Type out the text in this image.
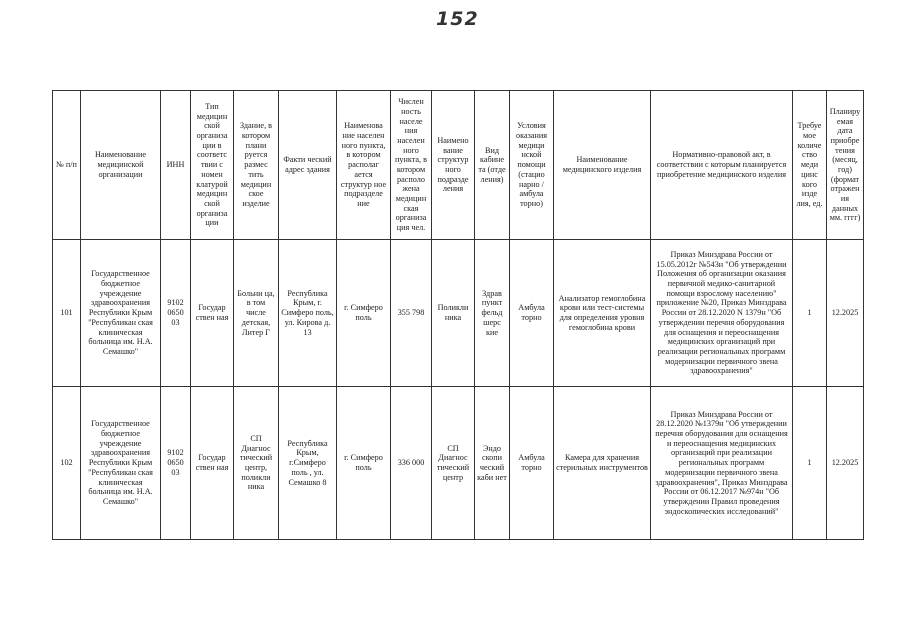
152
№ п/п	Наименование медицинской организации	ИНН	Тип медицин ской организа ции в соответс твии с номен клатурой медицин ской организа ции	Здание, в котором плани руется размес тить медицин ское изделие	Факти ческий адрес здания	Наименова ние населен ного пункта, в котором располаг ается структур ное подразделе ние	Числен ность населе ния населен ного пункта, в котором располо жена медицин ская организа ция чел.	Наимено вание структур ного подразде ления	Вид кабине та (отде ления)	Условия оказания медици нской помощи (стацио нарно / амбула торно)	Наименование медицинского изделия	Нормативно-правовой акт, в соответствии с которым планируется приобретение медицинского изделия	Требуе мое количе ство меди цинс кого изде лия, ед.	Планиру емая дата приобре тения (месяц, год) (формат отражен ия данных мм. гггг)
101	Государственное бюджетное учреждение здравоохранения Республики Крым "Республикан ская клиническая больница им. Н.А. Семашко"	9102 0650 03	Государ ствен ная	Больни ца, в том числе детская, Литер Г	Республика Крым, г. Симферо поль, ул. Кирова д. 13	г. Симферо поль	355 798	Поликли ника	Здрав пункт фельд шерс кие	Амбула торно	Анализатор гемоглобина крови или тест-системы для определения уровня гемоглобина крови	Приказ Минздрава России от 15.05.2012г №543н "Об утверждении Положения об организации оказания первичной медико-санитарной помощи взрослому населению" приложение №20, Приказ Минздрава России от 28.12.2020 N 1379н "Об утверждении перечня оборудования для оснащения и переоснащения медицинских организаций при реализации региональных программ модернизации первичного звена здравоохранения"	1	12.2025
102	Государственное бюджетное учреждение здравоохранения Республики Крым "Республикан ская клиническая больница им. Н.А. Семашко"	9102 0650 03	Государ ствен ная	СП Диагнос тический центр, поликли ника	Республика Крым, г.Симферо поль , ул. Семашко 8	г. Симферо поль	336 000	СП Диагнос тический центр	Эндо скопи ческий каби нет	Амбула торно	Камера для хранения стерильных инструментов	Приказ Минздрава России от 28.12.2020 №1379н "Об утверждении перечня оборудования для оснащения и переоснащения медицинских организаций при реализации региональных программ модернизации первичного звена здравоохранения", Приказ Минздрава России от 06.12.2017 №974н "Об утверждении Правил проведения эндоскопических исследований"	1	12.2025
